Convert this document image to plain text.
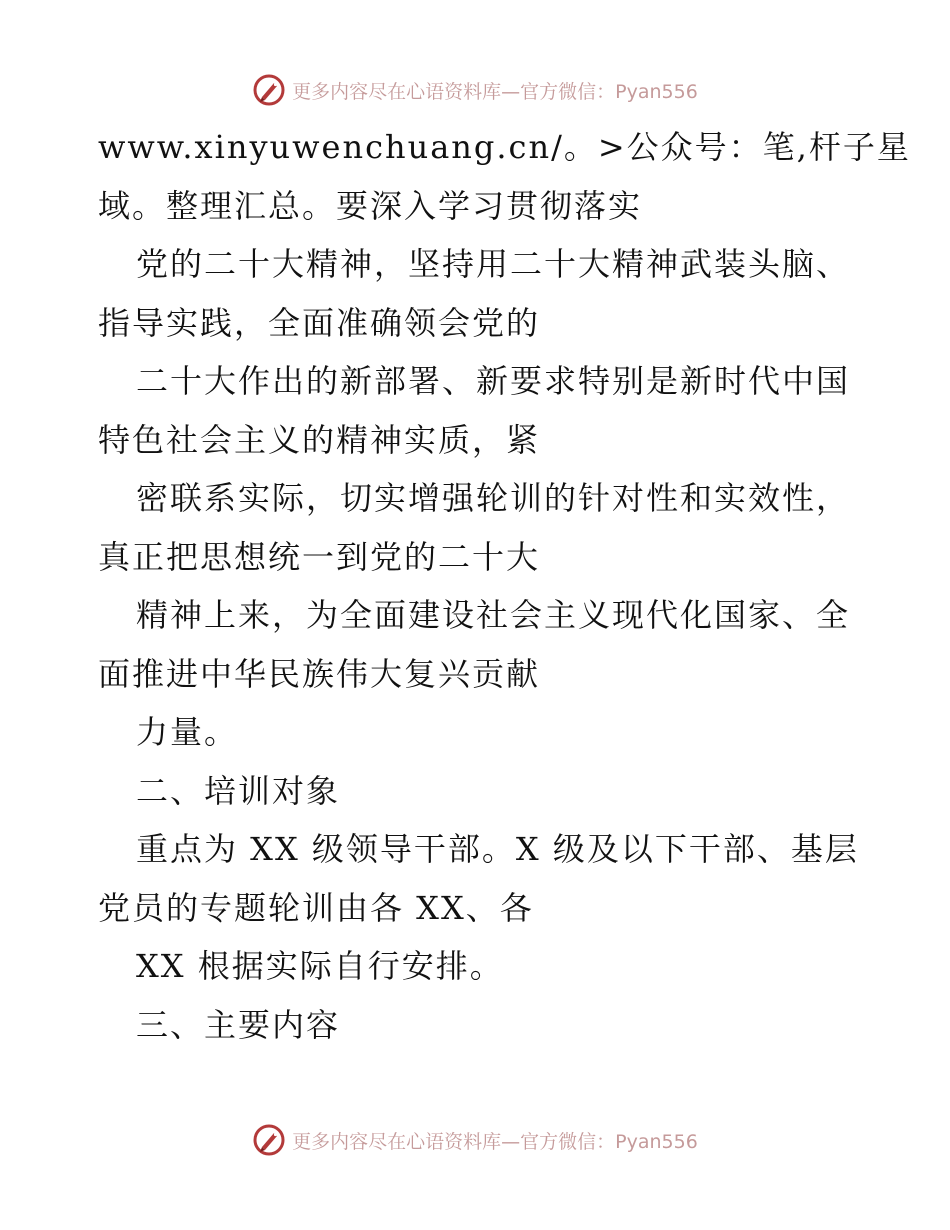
更多内容尽在心语资料库—官方微信：Pyan556
www.xinyuwenchuang.cn/。>公众号：笔,杆子星
域。整理汇总。要深入学习贯彻落实
党的二十大精神，坚持用二十大精神武装头脑、
指导实践，全面准确领会党的
二十大作出的新部署、新要求特别是新时代中国
特色社会主义的精神实质，紧
密联系实际，切实增强轮训的针对性和实效性，
真正把思想统一到党的二十大
精神上来，为全面建设社会主义现代化国家、全
面推进中华民族伟大复兴贡献
力量。
二、培训对象
重点为 XX 级领导干部。X 级及以下干部、基层
党员的专题轮训由各 XX、各
XX 根据实际自行安排。
三、主要内容
更多内容尽在心语资料库—官方微信：Pyan556
